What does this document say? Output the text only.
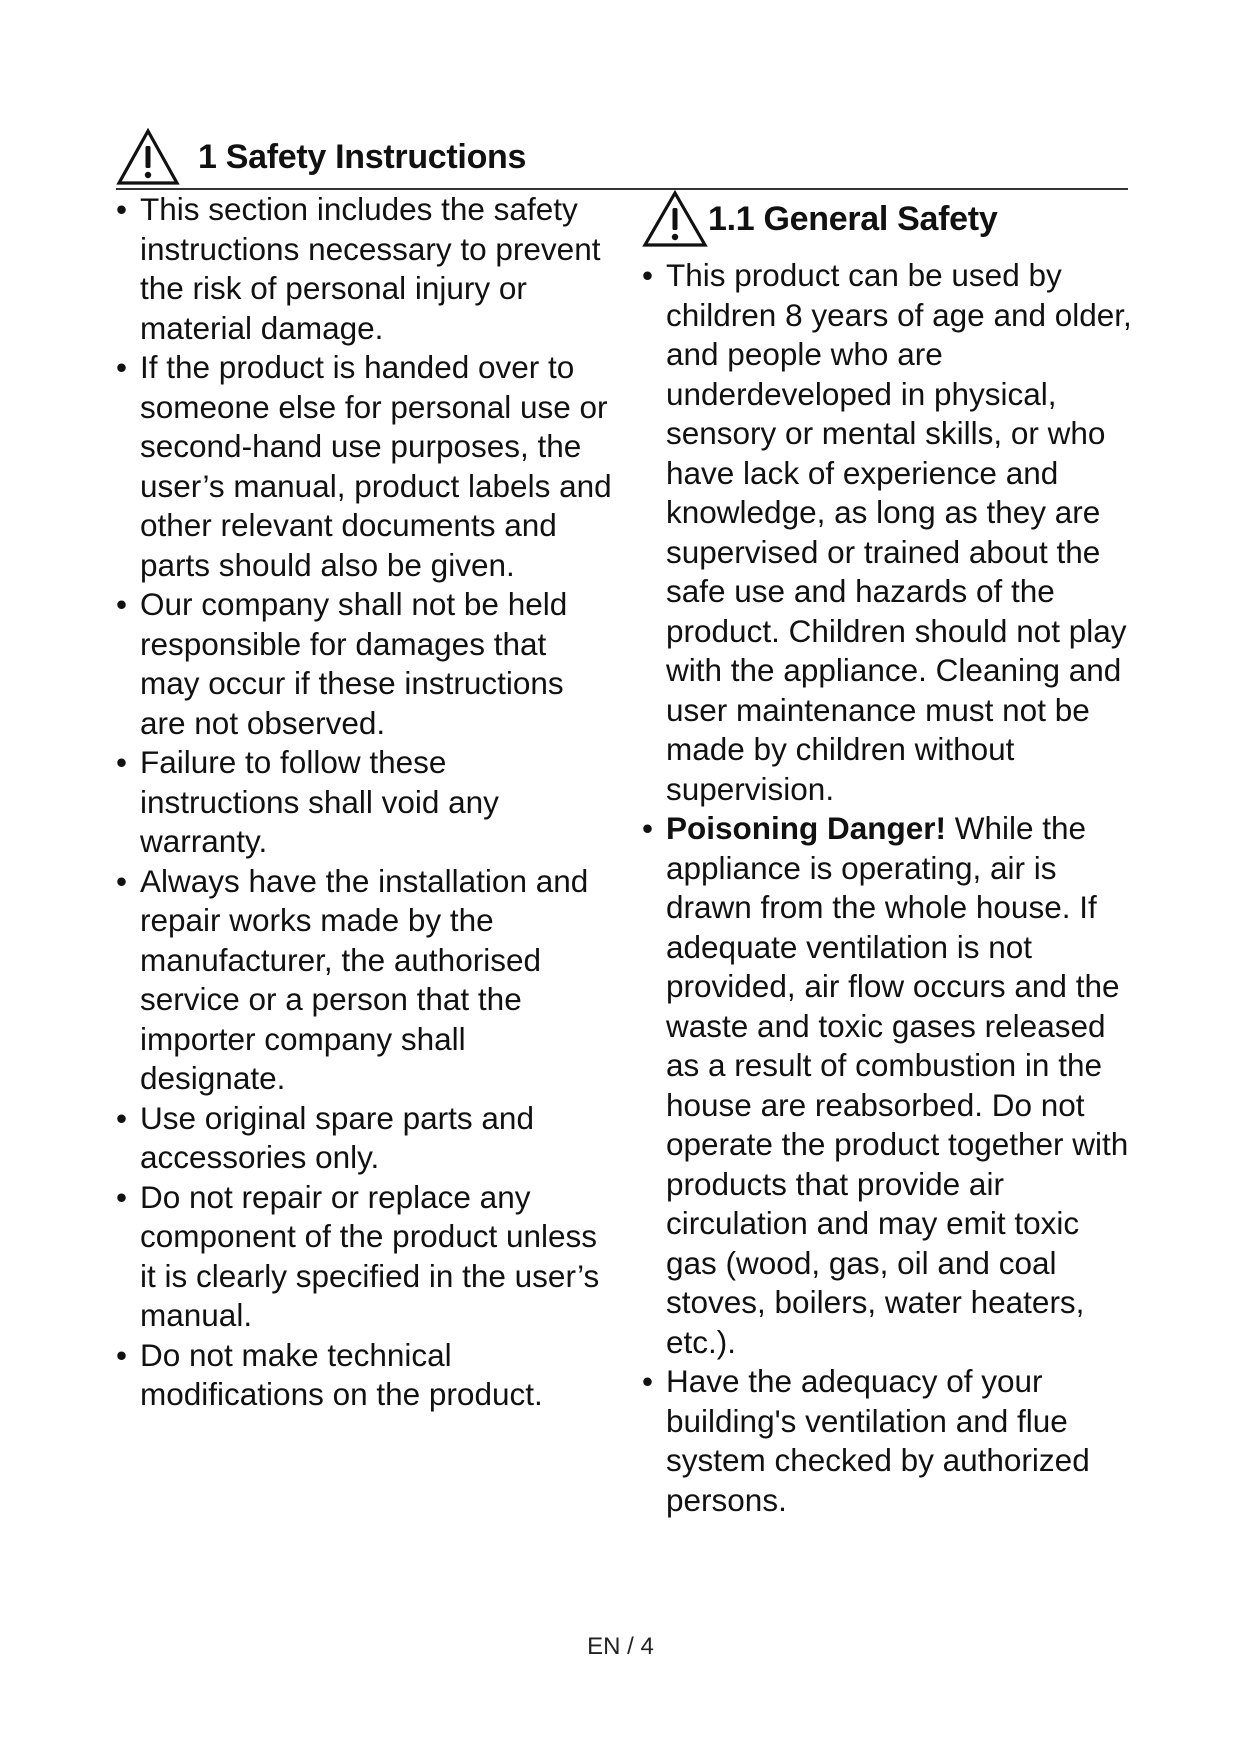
1 Safety Instructions
• This section includes the safety instructions necessary to prevent the risk of personal injury or material damage.
• If the product is handed over to someone else for personal use or second-hand use purposes, the user’s manual, product labels and other relevant documents and parts should also be given.
• Our company shall not be held responsible for damages that may occur if these instructions are not observed.
• Failure to follow these instructions shall void any warranty.
• Always have the installation and repair works made by the manufacturer, the authorised service or a person that the importer company shall designate.
• Use original spare parts and accessories only.
• Do not repair or replace any component of the product unless it is clearly specified in the user’s manual.
• Do not make technical modifications on the product.
1.1 General Safety
• This product can be used by children 8 years of age and older, and people who are underdeveloped in physical, sensory or mental skills, or who have lack of experience and knowledge, as long as they are supervised or trained about the safe use and hazards of the product. Children should not play with the appliance. Cleaning and user maintenance must not be made by children without supervision.
• Poisoning Danger! While the appliance is operating, air is drawn from the whole house. If adequate ventilation is not provided, air flow occurs and the waste and toxic gases released as a result of combustion in the house are reabsorbed. Do not operate the product together with products that provide air circulation and may emit toxic gas (wood, gas, oil and coal stoves, boilers, water heaters, etc.).
• Have the adequacy of your building's ventilation and flue system checked by authorized persons.
EN / 4
